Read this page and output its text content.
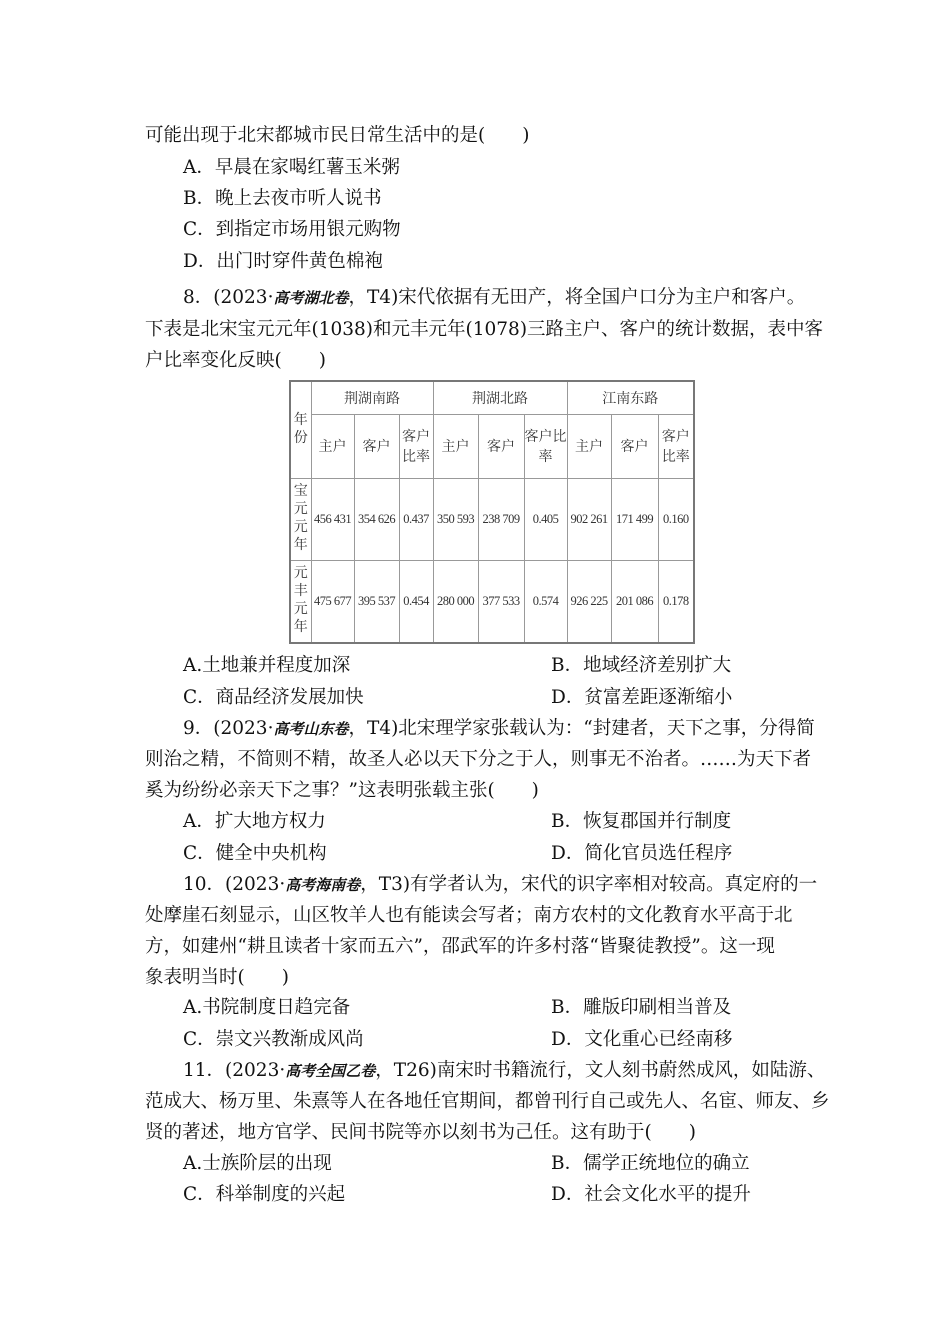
可能出现于北宋都城市民日常生活中的是(　　)
A．早晨在家喝红薯玉米粥
B．晚上去夜市听人说书
C．到指定市场用银元购物
D．出门时穿件黄色棉袍
8．(2023·高考湖北卷，T4)宋代依据有无田产，将全国户口分为主户和客户。
下表是北宋宝元元年(1038)和元丰元年(1078)三路主户、客户的统计数据，表中客
户比率变化反映(　　)
年
份	荆湖南路			荆湖北路			江南东路		
	主户	客户	客户比率	主户	客户	客户比率	主户	客户	客户比率

宝
元
元
年	456 431	354 626	0.437	350 593	238 709	0.405	902 261	171 499	0.160

元
丰
元
年	475 677	395 537	0.454	280 000	377 533	0.574	926 225	201 086	0.178
A.土地兼并程度加深	B．地域经济差别扩大
C．商品经济发展加快	D．贫富差距逐渐缩小
9．(2023·高考山东卷，T4)北宋理学家张载认为：“封建者，天下之事，分得简
则治之精，不简则不精，故圣人必以天下分之于人，则事无不治者。……为天下者
奚为纷纷必亲天下之事？”这表明张载主张(　　)
A．扩大地方权力	B．恢复郡国并行制度
C．健全中央机构	D．简化官员选任程序
10．(2023·高考海南卷，T3)有学者认为，宋代的识字率相对较高。真定府的一
处摩崖石刻显示，山区牧羊人也有能读会写者；南方农村的文化教育水平高于北
方，如建州“耕且读者十家而五六”，邵武军的许多村落“皆聚徒教授”。这一现
象表明当时(　　)
A.书院制度日趋完备	B．雕版印刷相当普及
C．崇文兴教渐成风尚	D．文化重心已经南移
11．(2023·高考全国乙卷，T26)南宋时书籍流行，文人刻书蔚然成风，如陆游、
范成大、杨万里、朱熹等人在各地任官期间，都曾刊行自己或先人、名宦、师友、乡
贤的著述，地方官学、民间书院等亦以刻书为己任。这有助于(　　)
A.士族阶层的出现	B．儒学正统地位的确立
C．科举制度的兴起	D．社会文化水平的提升
